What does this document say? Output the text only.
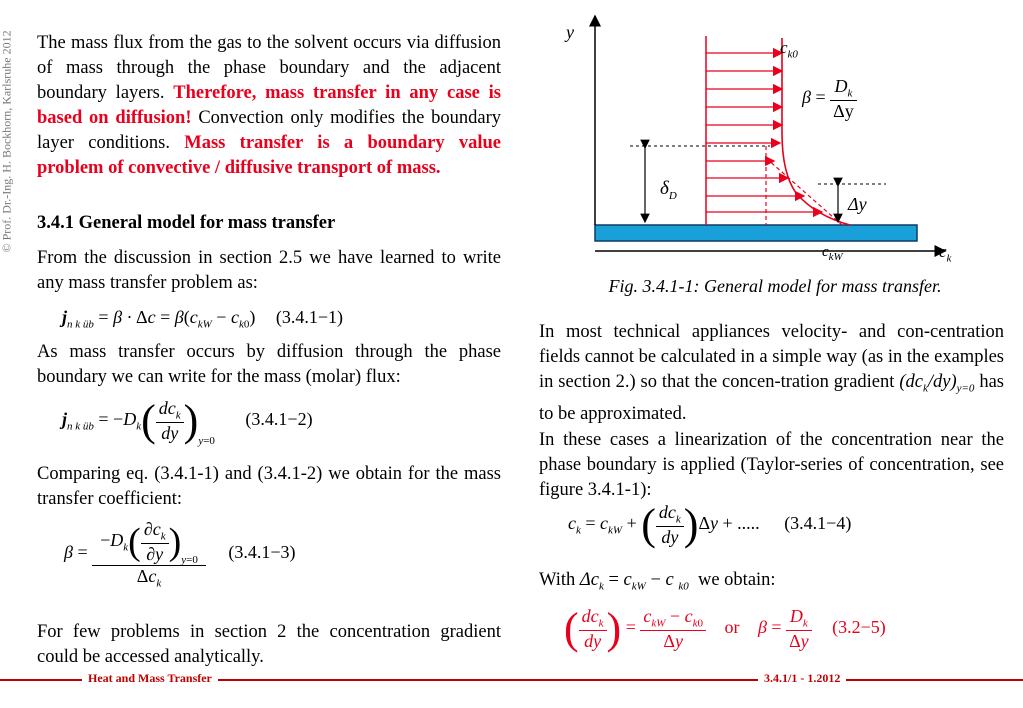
© Prof. Dr.-Ing. H. Bockhorn, Karlsruhe 2012 The mass flux from the gas to the solvent occurs via diffusion of mass through the phase boundary and the adjacent boundary layers. Therefore, mass transfer in any case is based on diffusion! Convection only modifies the boundary layer conditions. Mass transfer is a boundary value problem of convective / diffusive transport of mass.
3.4.1 General model for mass transfer
From the discussion in section 2.5 we have learned to write any mass transfer problem as:
$j_{n k üb} = \beta \cdot \Delta c = \beta(c_{kW} - c_{k0})$ (3.4.1−1)
As mass transfer occurs by diffusion through the phase boundary we can write for the mass (molar) flux:
$j_{n k üb} = -D_k( \frac{dc_k}{dy} )_{y=0}$ (3.4.1−2)
Comparing eq. (3.4.1-1) and (3.4.1-2) we obtain for the mass transfer coefficient:
$\beta = \frac{-D_k( \frac{\partial c_k}{\partial y} )_{y=0}}{\Delta c_k} (3.4.1-3)$
For few problems in section 2 the concentration gradient could be accessed analytically.
y
$c_k$
$c_{k0}$
$c_{kW}$
$\delta_D$	Δy
$\beta = \frac{D_k}{\Delta y}$
Fig. 3.4.1-1: General model for mass transfer.
In most technical appliances velocity- and con-centration fields cannot be calculated in a simple way (as in the examples in section 2.) so that the concen-tration gradient $(dc_k/dy)_{y=0}$ has to be approximated.
In these cases a linearization of the concentration near the phase boundary is applied (Taylor-series of concentration, see figure 3.4.1-1):
$c_k = c_{kW}$ + ( $\frac{dc_k}{dy} )\Delta y$ + ..... (3.4.1−4)
With $\Delta c_k = c_{kW} - c$ $_{k0}$ we obtain:
( $\frac{dc_k}{dy}$ ) = $\frac{c_{kW} - c_{k0}}{\Delta y}$ or $\beta = \frac{D_k}{\Delta y} (3.2-5)$
Heat and Mass Transfer	3.4.1/1 - 1.2012
